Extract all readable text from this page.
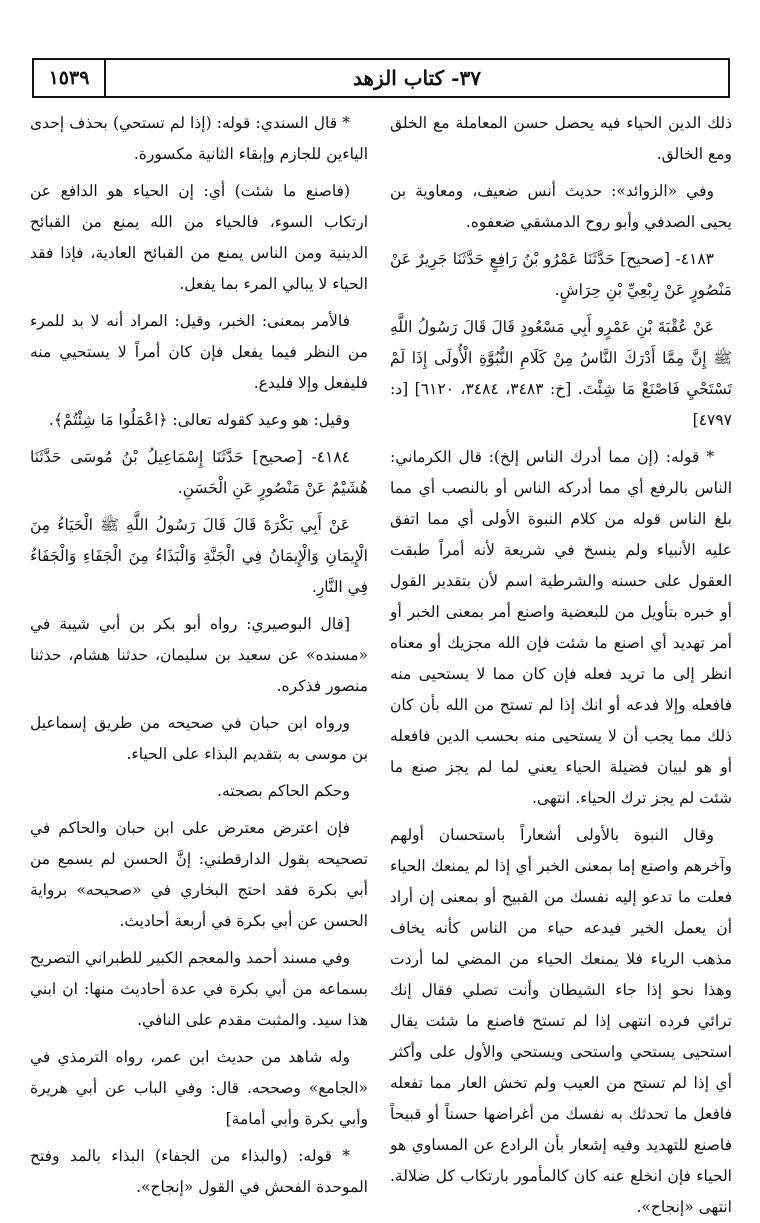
١٥٣٩	٣٧- كتاب الزهد

ذلك الدين الحياء فيه يحصل حسن المعاملة مع الخلق ومع الخالق.

وفي «الزوائد»: حديث أنس ضعيف، ومعاوية بن يحيى الصدفي وأبو روح الدمشقي ضعفوه.

٤١٨٣- [صحيح] حَدَّثَنَا عَمْرُو بْنُ رَافِعٍ حَدَّثَنَا جَرِيرٌ عَنْ مَنْصُورٍ عَنْ رِبْعِيِّ بْنِ حِرَاشٍ.

عَنْ عُقْبَةَ بْنِ عَمْرٍو أَبِي مَسْعُودٍ قَالَ قَالَ رَسُولُ اللَّهِ ﷺ إِنَّ مِمَّا أَدْرَكَ النَّاسُ مِنْ كَلَامِ النُّبُوَّةِ الْأُولَى إِذَا لَمْ تَسْتَحْيِ فَاصْنَعْ مَا شِئْتَ. [خ: ٣٤٨٣، ٣٤٨٤، ٦١٢٠] [د: ٤٧٩٧]

* قوله: (إن مما أدرك الناس إلخ): قال الكرماني: الناس بالرفع أي مما أدركه الناس أو بالنصب أي مما بلغ الناس قوله من كلام النبوة الأولى أي مما اتفق عليه الأنبياء ولم ينسخ في شريعة لأنه أمراً طبقت العقول على حسنه والشرطية اسم لأن بتقدير القول أو خبره بتأويل من للبعضية واصنع أمر بمعنى الخبر أو أمر تهديد أي اصنع ما شئت فإن الله مجزيك أو معناه انظر إلى ما تريد فعله فإن كان مما لا يستحيى منه فافعله وإلا فدعه أو انك إذا لم تستح من الله بأن كان ذلك مما يجب أن لا يستحيى منه بحسب الدين فافعله أو هو لبيان فضيلة الحياء يعني لما لم يجز صنع ما شئت لم يجز ترك الحياء. انتهى.

وقال النبوة بالأولى أشعاراً باستحسان أولهم وآخرهم واصنع إما بمعنى الخبر أي إذا لم يمنعك الحياء فعلت ما تدعو إليه نفسك من القبيح أو بمعنى إن أراد أن يعمل الخير فيدعه حياء من الناس كأنه يخاف مذهب الرياء فلا يمنعك الحياء من المضي لما أردت وهذا نحو إذا جاء الشيطان وأنت تصلي فقال إنك ترائي فرده انتهى إذا لم تستح فاصنع ما شئت يقال استحيى يستحي واستحى ويستحي والأول على وأكثر أي إذا لم تستح من العيب ولم تخش العار مما تفعله فافعل ما تحدثك به نفسك من أغراضها حسناً أو قبيحاً فاصنع للتهديد وفيه إشعار بأن الرادع عن المساوي هو الحياء فإن انخلع عنه كان كالمأمور بارتكاب كل ضلالة. انتهى «إنجاح».

* قال السندي: قوله: (إذا لم تستحي) بحذف إحدى الياءين للجازم وإبقاء الثانية مكسورة.

(فاصنع ما شئت) أي: إن الحياء هو الدافع عن ارتكاب السوء، فالحياء من الله يمنع من القبائح الدينية ومن الناس يمنع من القبائح العادية، فإذا فقد الحياء لا يبالي المرء بما يفعل.

فالأمر بمعنى: الخبر، وقيل: المراد أنه لا بد للمرء من النظر فيما يفعل فإن كان أمراً لا يستحيي منه فليفعل وإلا فليدع.

وقيل: هو وعيد كقوله تعالى: ﴿اعْمَلُوا مَا شِئْتُمْ﴾.

٤١٨٤- [صحيح] حَدَّثَنَا إِسْمَاعِيلُ بْنُ مُوسَى حَدَّثَنَا هُشَيْمٌ عَنْ مَنْصُورٍ عَنِ الْحَسَنِ.

عَنْ أَبِي بَكْرَةَ قَالَ قَالَ رَسُولُ اللَّهِ ﷺ الْحَيَاءُ مِنَ الْإِيمَانِ وَالْإِيمَانُ فِي الْجَنَّةِ وَالْبَذَاءُ مِنَ الْجَفَاءِ وَالْجَفَاءُ فِي النَّارِ.

[قال البوصيري: رواه أبو بكر بن أبي شيبة في «مسنده» عن سعيد بن سليمان، حدثنا هشام، حدثنا منصور فذكره.

ورواه ابن حبان في صحيحه من طريق إسماعيل بن موسى به بتقديم البذاء على الحياء.

وحكم الحاكم بصحته.

فإن اعترض معترض على ابن حبان والحاكم في تصحيحه بقول الدارقطني: إنَّ الحسن لم يسمع من أبي بكرة فقد احتج البخاري في «صحيحه» برواية الحسن عن أبي بكرة في أربعة أحاديث.

وفي مسند أحمد والمعجم الكبير للطبراني التصريح بسماعه من أبي بكرة في عدة أحاديث منها: ان ابني هذا سيد. والمثبت مقدم على النافي.

وله شاهد من حديث ابن عمر، رواه الترمذي في «الجامع» وصححه. قال: وفي الباب عن أبي هريرة وأبي بكرة وأبي أمامة]

* قوله: (والبذاء من الجفاء) البذاء بالمد وفتح الموحدة الفحش في القول «إنجاح».
